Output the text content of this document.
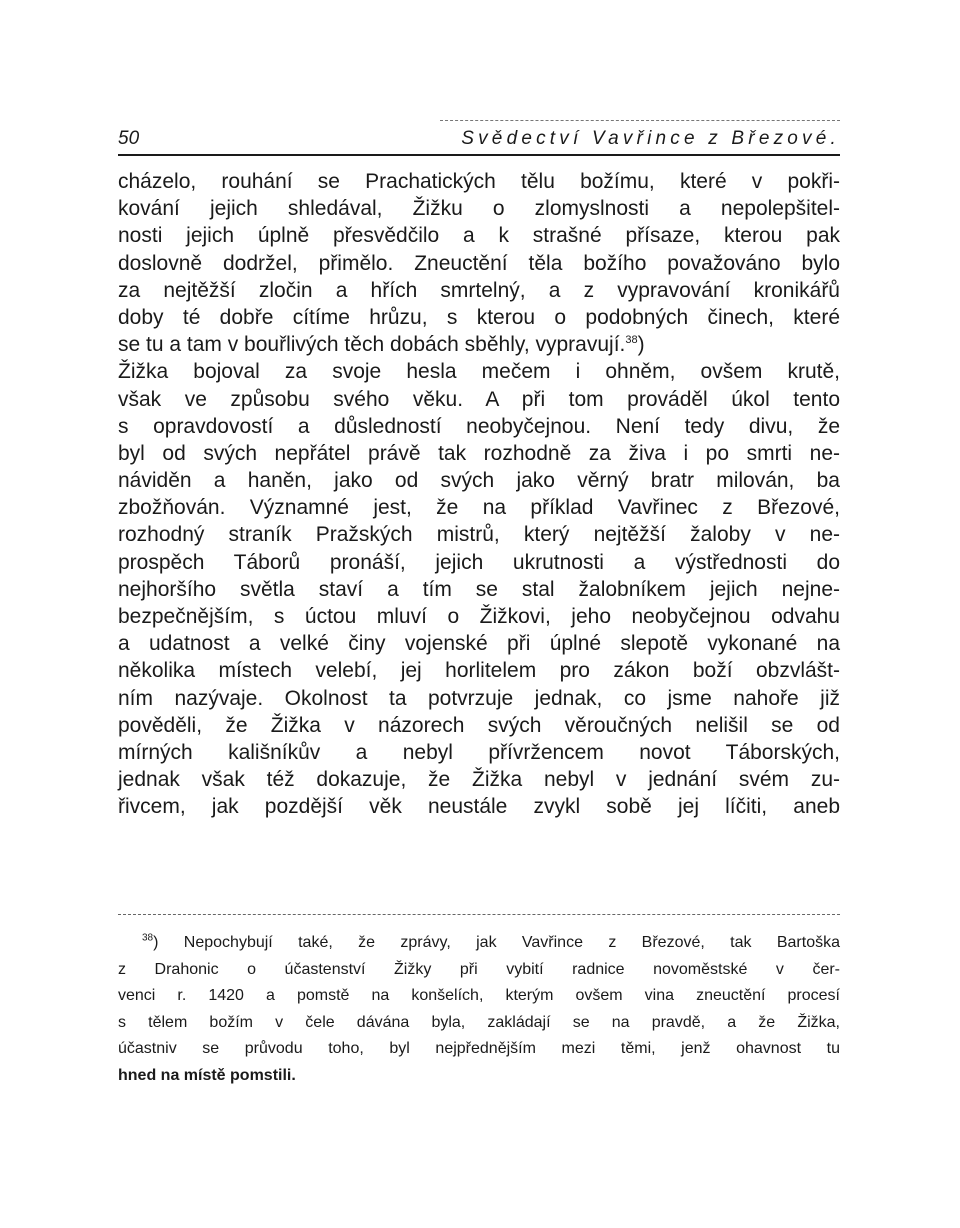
50	Svědectví Vavřince z Březové.
cházelo, rouhání se Prachatických tělu božímu, které v pokři-
kování jejich shledával, Žižku o zlomyslnosti a nepolepšitel-
nosti jejich úplně přesvědčilo a k strašné přísaze, kterou pak
doslovně dodržel, přimělo. Zneuctění těla božího považováno bylo
za nejtěžší zločin a hřích smrtelný, a z vypravování kronikářů
doby té dobře cítíme hrůzu, s kterou o podobných činech, které
se tu a tam v bouřlivých těch dobách sběhly, vypravují.$^{38}$)
Žižka bojoval za svoje hesla mečem i ohněm, ovšem krutě,
však ve způsobu svého věku. A při tom prováděl úkol tento
s opravdovostí a důsledností neobyčejnou. Není tedy divu, že
byl od svých nepřátel právě tak rozhodně za živa i po smrti ne-
náviděn a haněn, jako od svých jako věrný bratr milován, ba
zbožňován. Významné jest, že na příklad Vavřinec z Březové,
rozhodný straník Pražských mistrů, který nejtěžší žaloby v ne-
prospěch Táborů pronáší, jejich ukrutnosti a výstřednosti do
nejhoršího světla staví a tím se stal žalobníkem jejich nejne-
bezpečnějším, s úctou mluví o Žižkovi, jeho neobyčejnou odvahu
a udatnost a velké činy vojenské při úplné slepotě vykonané na
několika místech velebí, jej horlitelem pro zákon boží obzvlášt-
ním nazývaje. Okolnost ta potvrzuje jednak, co jsme nahoře již
pověděli, že Žižka v názorech svých věroučných nelišil se od
mírných kališníkův a nebyl přívržencem novot Táborských,
jednak však též dokazuje, že Žižka nebyl v jednání svém zu-
řivcem, jak pozdější věk neustále zvykl sobě jej líčiti, aneb
$^{38}$) Nepochybují také, že zprávy, jak Vavřince z Březové, tak Bartoška
z Drahonic o účastenství Žižky při vybití radnice novoměstské v čer-
venci r. 1420 a pomstě na konšelích, kterým ovšem vina zneuctění procesí
s tělem božím v čele dávána byla, zakládají se na pravdě, a že Žižka,
účastniv se průvodu toho, byl nejpřednějším mezi těmi, jenž ohavnost tu
hned na místě pomstili.
